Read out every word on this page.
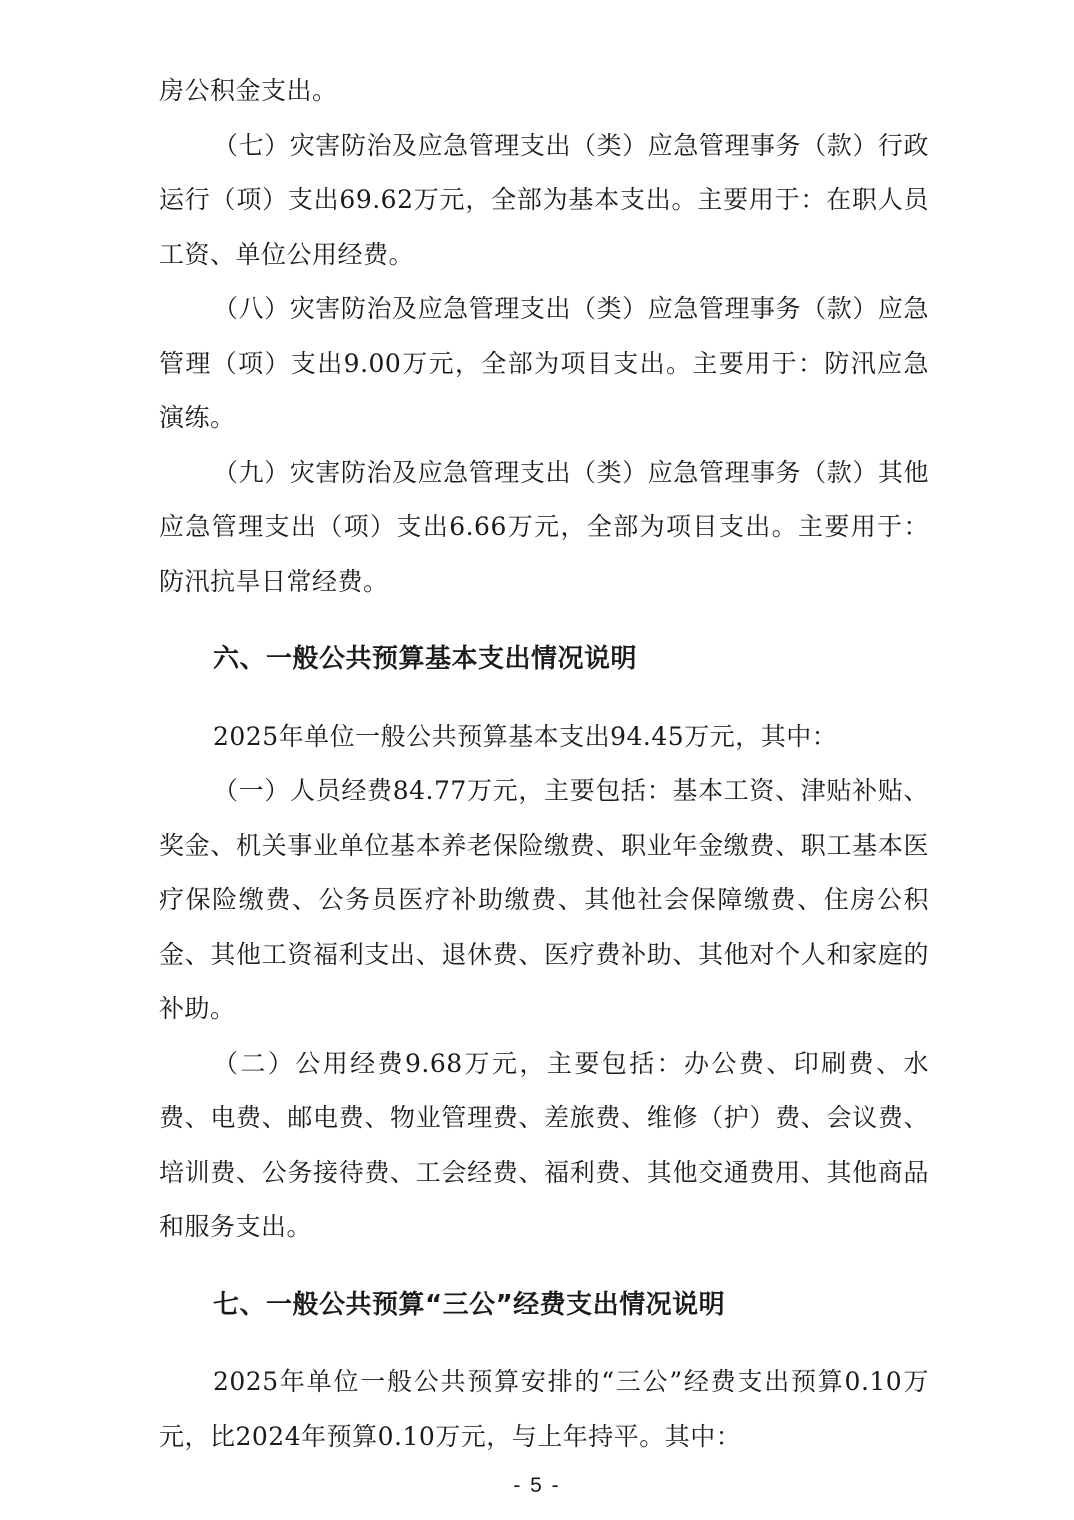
房公积金支出。

（七）灾害防治及应急管理支出（类）应急管理事务（款）行政运行（项）支出69.62万元，全部为基本支出。主要用于：在职人员工资、单位公用经费。

（八）灾害防治及应急管理支出（类）应急管理事务（款）应急管理（项）支出9.00万元，全部为项目支出。主要用于：防汛应急演练。

（九）灾害防治及应急管理支出（类）应急管理事务（款）其他应急管理支出（项）支出6.66万元，全部为项目支出。主要用于：防汛抗旱日常经费。

六、一般公共预算基本支出情况说明

2025年单位一般公共预算基本支出94.45万元，其中：

（一）人员经费84.77万元，主要包括：基本工资、津贴补贴、奖金、机关事业单位基本养老保险缴费、职业年金缴费、职工基本医疗保险缴费、公务员医疗补助缴费、其他社会保障缴费、住房公积金、其他工资福利支出、退休费、医疗费补助、其他对个人和家庭的补助。

（二）公用经费9.68万元，主要包括：办公费、印刷费、水费、电费、邮电费、物业管理费、差旅费、维修（护）费、会议费、培训费、公务接待费、工会经费、福利费、其他交通费用、其他商品和服务支出。

七、一般公共预算“三公”经费支出情况说明

2025年单位一般公共预算安排的“三公”经费支出预算0.10万元，比2024年预算0.10万元，与上年持平。其中：

- 5 -
